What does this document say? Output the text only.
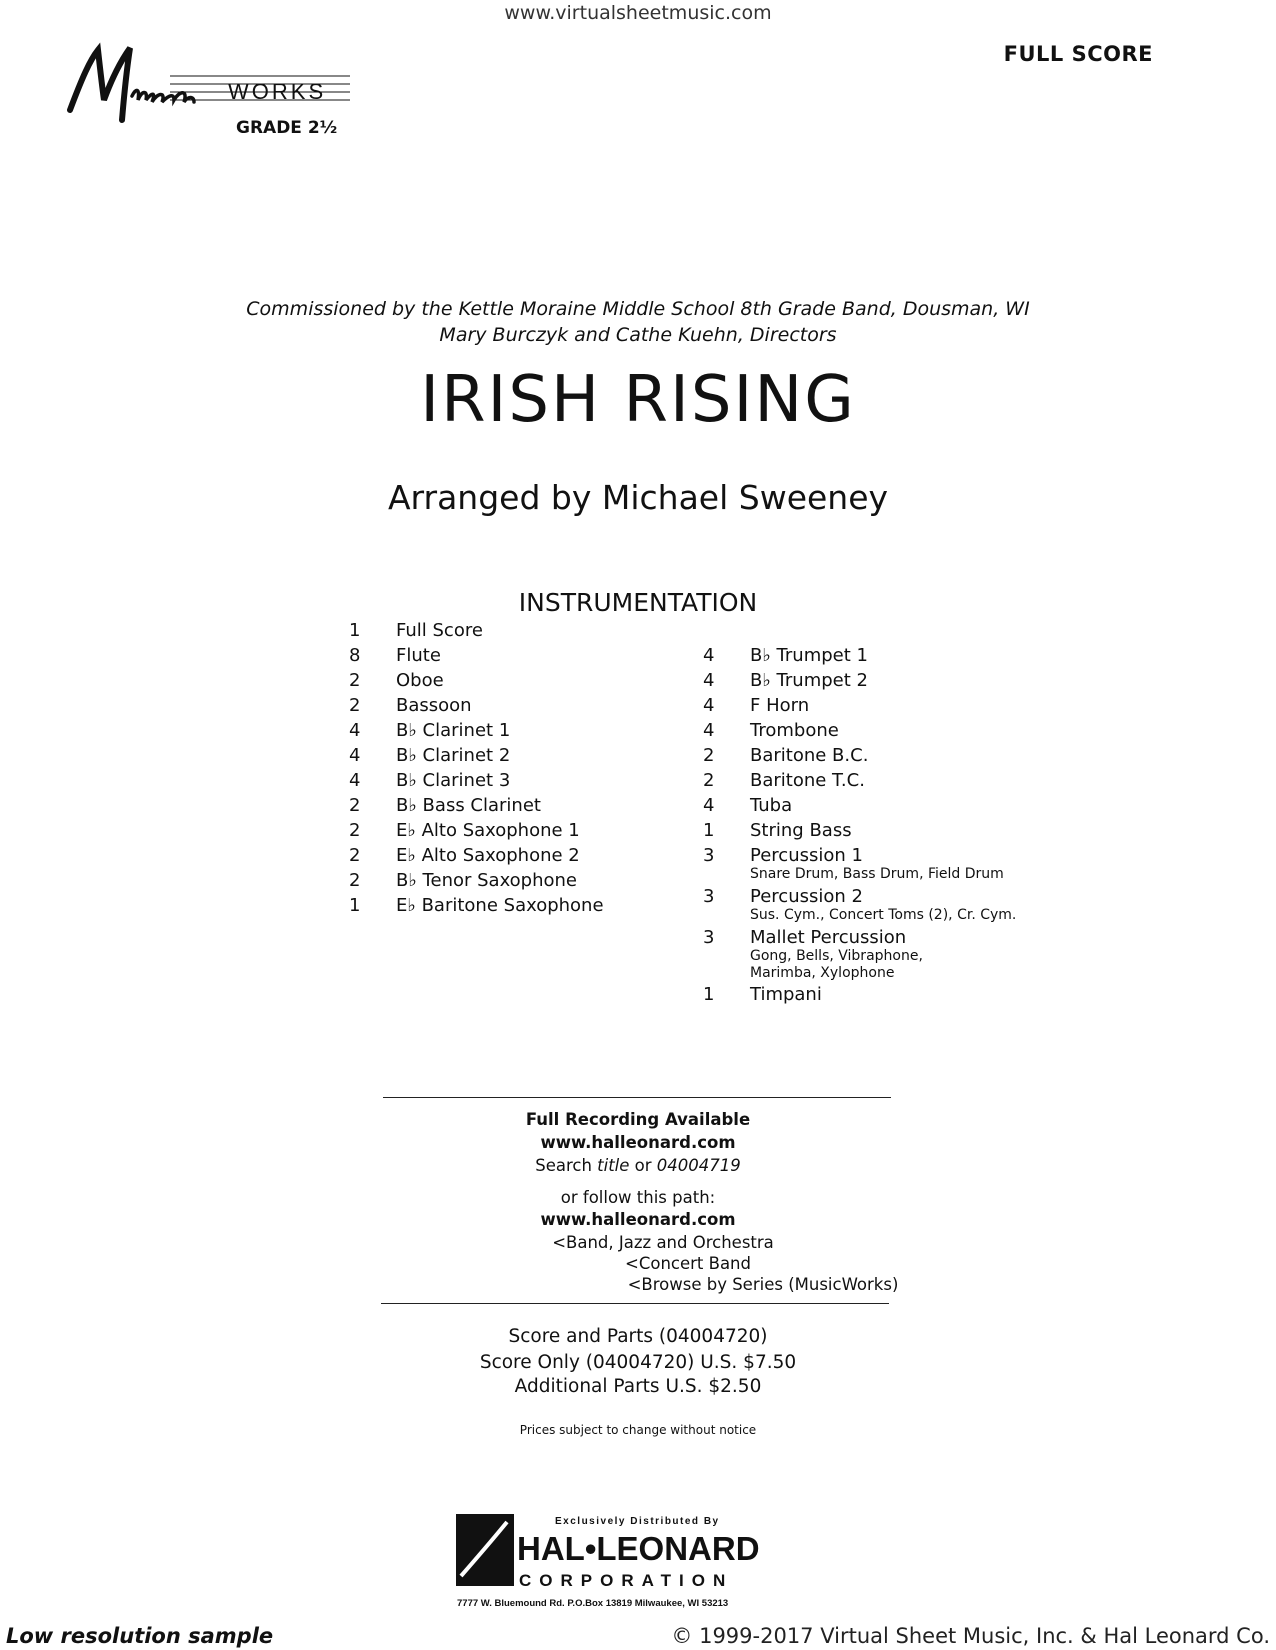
www.virtualsheetmusic.com
FULL SCORE
WORKS
GRADE 2½
Commissioned by the Kettle Moraine Middle School 8th Grade Band, Dousman, WI
Mary Burczyk and Cathe Kuehn, Directors
IRISH RISING
Arranged by Michael Sweeney
INSTRUMENTATION
1	Full Score
8	Flute
2	Oboe
2	Bassoon
4	B♭ Clarinet 1
4	B♭ Clarinet 2
4	B♭ Clarinet 3
2	B♭ Bass Clarinet
2	E♭ Alto Saxophone 1
2	E♭ Alto Saxophone 2
2	B♭ Tenor Saxophone
1	E♭ Baritone Saxophone
4	B♭ Trumpet 1
4	B♭ Trumpet 2
4	F Horn
4	Trombone
2	Baritone B.C.
2	Baritone T.C.
4	Tuba
1	String Bass
3	Percussion 1
Snare Drum, Bass Drum, Field Drum
3	Percussion 2
Sus. Cym., Concert Toms (2), Cr. Cym.
3	Mallet Percussion
Gong, Bells, Vibraphone,
Marimba, Xylophone
1	Timpani
Full Recording Available
www.halleonard.com
Search title or 04004719
or follow this path:
www.halleonard.com
<Band, Jazz and Orchestra
<Concert Band
<Browse by Series (MusicWorks)
Score and Parts (04004720)
Score Only (04004720) U.S. $7.50
Additional Parts U.S. $2.50
Prices subject to change without notice
Exclusively Distributed By
HAL•LEONARD
CORPORATION
7777 W. Bluemound Rd. P.O.Box 13819 Milwaukee, WI 53213
Low resolution sample	© 1999-2017 Virtual Sheet Music, Inc. & Hal Leonard Co.
